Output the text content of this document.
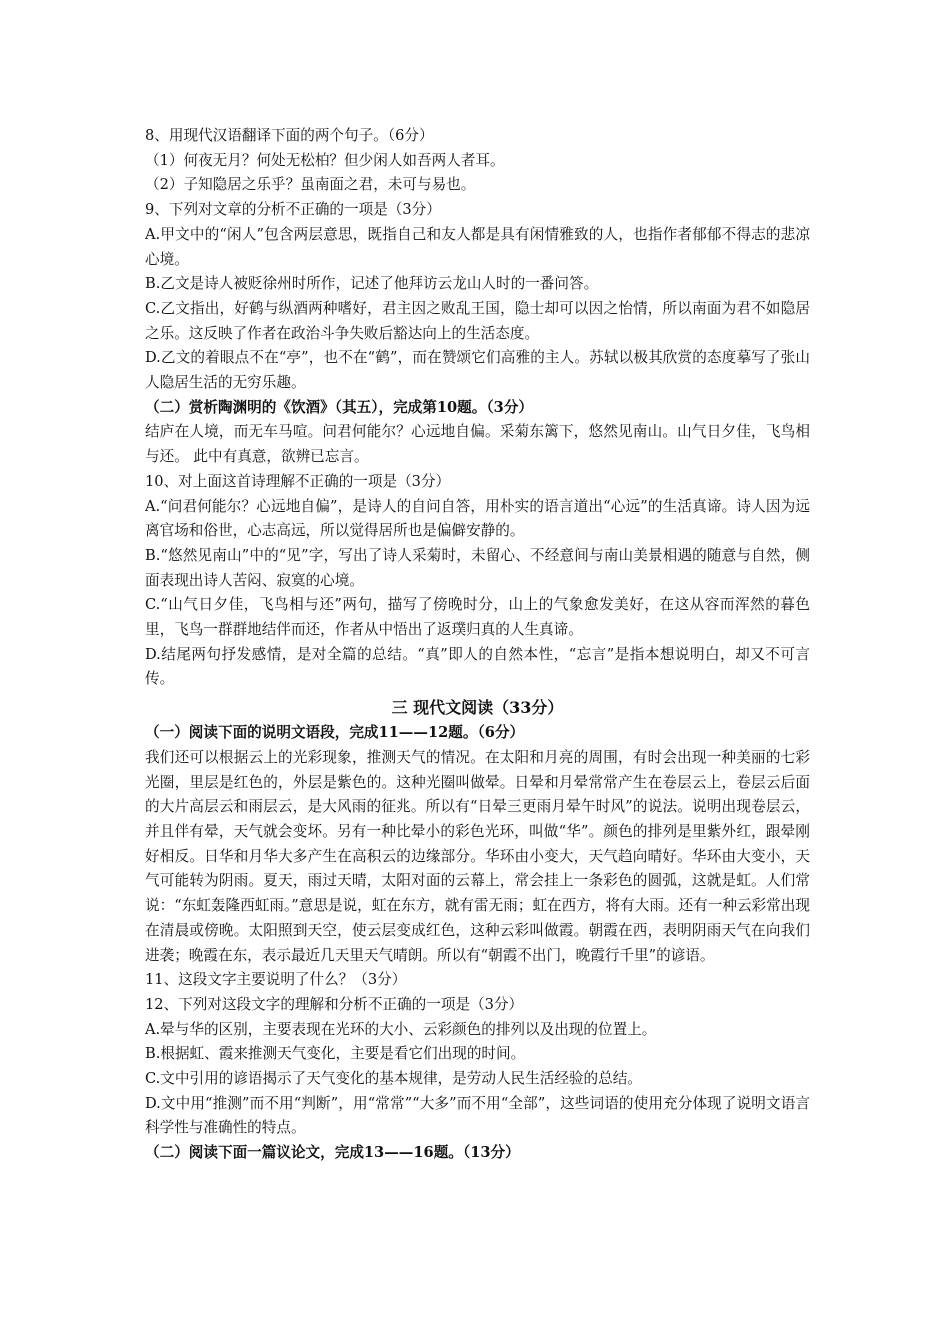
8、用现代汉语翻译下面的两个句子。（6分）

（1）何夜无月？何处无松柏？但少闲人如吾两人者耳。

（2）子知隐居之乐乎？虽南面之君，未可与易也。

9、下列对文章的分析不正确的一项是（3分）

A.甲文中的“闲人”包含两层意思，既指自己和友人都是具有闲情雅致的人，也指作者郁郁不得志的悲凉心境。

B.乙文是诗人被贬徐州时所作，记述了他拜访云龙山人时的一番问答。

C.乙文指出，好鹤与纵酒两种嗜好，君主因之败乱王国，隐士却可以因之怡情，所以南面为君不如隐居之乐。这反映了作者在政治斗争失败后豁达向上的生活态度。

D.乙文的着眼点不在“亭”，也不在“鹤”，而在赞颂它们高雅的主人。苏轼以极其欣赏的态度摹写了张山人隐居生活的无穷乐趣。

（二）赏析陶渊明的《饮酒》（其五），完成第10题。（3分）

结庐在人境，而无车马喧。问君何能尔？心远地自偏。采菊东篱下，悠然见南山。山气日夕佳，飞鸟相与还。 此中有真意，欲辨已忘言。

10、对上面这首诗理解不正确的一项是（3分）

A.“问君何能尔？心远地自偏”，是诗人的自问自答，用朴实的语言道出“心远”的生活真谛。诗人因为远离官场和俗世，心志高远，所以觉得居所也是偏僻安静的。

B.“悠然见南山”中的“见”字，写出了诗人采菊时，未留心、不经意间与南山美景相遇的随意与自然，侧面表现出诗人苦闷、寂寞的心境。

C.“山气日夕佳，飞鸟相与还”两句，描写了傍晚时分，山上的气象愈发美好，在这从容而浑然的暮色里，飞鸟一群群地结伴而还，作者从中悟出了返璞归真的人生真谛。

D.结尾两句抒发感情，是对全篇的总结。“真”即人的自然本性，“忘言”是指本想说明白，却又不可言传。

三 现代文阅读（33分）

（一）阅读下面的说明文语段，完成11——12题。（6分）

我们还可以根据云上的光彩现象，推测天气的情况。在太阳和月亮的周围，有时会出现一种美丽的七彩光圈，里层是红色的，外层是紫色的。这种光圈叫做晕。日晕和月晕常常产生在卷层云上，卷层云后面的大片高层云和雨层云，是大风雨的征兆。所以有“日晕三更雨月晕午时风”的说法。说明出现卷层云，并且伴有晕，天气就会变坏。另有一种比晕小的彩色光环，叫做“华”。颜色的排列是里紫外红，跟晕刚好相反。日华和月华大多产生在高积云的边缘部分。华环由小变大，天气趋向晴好。华环由大变小，天气可能转为阴雨。夏天，雨过天晴，太阳对面的云幕上，常会挂上一条彩色的圆弧，这就是虹。人们常说：“东虹轰隆西虹雨。”意思是说，虹在东方，就有雷无雨；虹在西方，将有大雨。还有一种云彩常出现在清晨或傍晚。太阳照到天空，使云层变成红色，这种云彩叫做霞。朝霞在西，表明阴雨天气在向我们进袭；晚霞在东，表示最近几天里天气晴朗。所以有“朝霞不出门，晚霞行千里”的谚语。

11、这段文字主要说明了什么？（3分）

12、下列对这段文字的理解和分析不正确的一项是（3分）

A.晕与华的区别，主要表现在光环的大小、云彩颜色的排列以及出现的位置上。

B.根据虹、霞来推测天气变化，主要是看它们出现的时间。

C.文中引用的谚语揭示了天气变化的基本规律，是劳动人民生活经验的总结。

D.文中用“推测”而不用“判断”，用“常常”“大多”而不用“全部”，这些词语的使用充分体现了说明文语言科学性与准确性的特点。

（二）阅读下面一篇议论文，完成13——16题。（13分）
